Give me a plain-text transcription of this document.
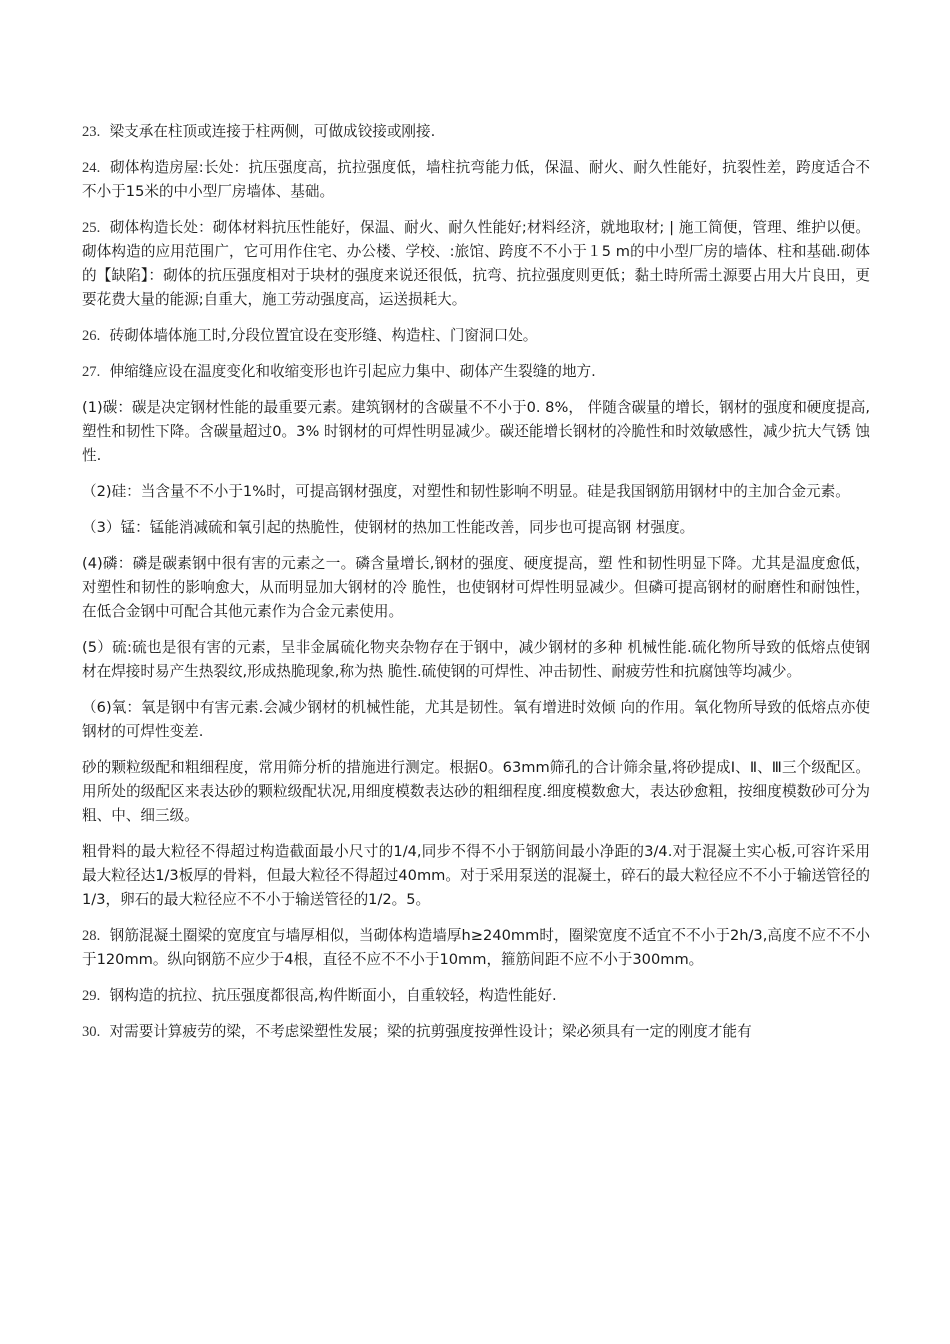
23. 梁支承在柱顶或连接于柱两侧，可做成铰接或刚接.

24. 砌体构造房屋:长处：抗压强度高，抗拉强度低，墙柱抗弯能力低，保温、耐火、耐久性能好，抗裂性差，跨度适合不不小于15米的中小型厂房墙体、基础。

25. 砌体构造长处：砌体材料抗压性能好，保温、耐火、耐久性能好;材料经济，就地取材; | 施工简便，管理、维护以便。砌体构造的应用范围广，它可用作住宅、办公楼、学校、:旅馆、跨度不不小于１5 m的中小型厂房的墙体、柱和基础.砌体的【缺陷】：砌体的抗压强度相对于块材的强度来说还很低，抗弯、抗拉强度则更低；黏土時所需土源要占用大片良田，更要花费大量的能源;自重大，施工劳动强度高，运送损耗大。

26. 砖砌体墙体施工时,分段位置宜设在变形缝、构造柱、门窗洞口处。

27. 伸缩缝应设在温度变化和收缩变形也许引起应力集中、砌体产生裂缝的地方.

(1)碳：碳是决定钢材性能的最重要元素。建筑钢材的含碳量不不小于0. 8%， 伴随含碳量的增长，钢材的强度和硬度提高,塑性和韧性下降。含碳量超过0。3% 时钢材的可焊性明显减少。碳还能增长钢材的冷脆性和时效敏感性，减少抗大气锈 蚀性.

（2)硅：当含量不不小于1%时，可提高钢材强度，对塑性和韧性影响不明显。硅是我国钢筋用钢材中的主加合金元素。

（3）锰：锰能消减硫和氧引起的热脆性，使钢材的热加工性能改善，同步也可提高钢 材强度。

(4)磷：磷是碳素钢中很有害的元素之一。磷含量增长,钢材的强度、硬度提高，塑 性和韧性明显下降。尤其是温度愈低，对塑性和韧性的影响愈大，从而明显加大钢材的冷 脆性，也使钢材可焊性明显减少。但磷可提高钢材的耐磨性和耐蚀性，在低合金钢中可配合其他元素作为合金元素使用。

(5）硫:硫也是很有害的元素，呈非金属硫化物夹杂物存在于钢中，减少钢材的多种 机械性能.硫化物所导致的低熔点使钢材在焊接时易产生热裂纹,形成热脆现象,称为热 脆性.硫使钢的可焊性、冲击韧性、耐疲劳性和抗腐蚀等均减少。

（6)氧：氧是钢中有害元素.会减少钢材的机械性能，尤其是韧性。氧有增进时效倾 向的作用。氧化物所导致的低熔点亦使钢材的可焊性变差.

砂的颗粒级配和粗细程度，常用筛分析的措施进行测定。根据0。63mm筛孔的合计筛余量,将砂提成Ⅰ、Ⅱ、Ⅲ三个级配区。用所处的级配区来表达砂的颗粒级配状况,用细度模数表达砂的粗细程度.细度模数愈大，表达砂愈粗，按细度模数砂可分为粗、中、细三级。

粗骨料的最大粒径不得超过构造截面最小尺寸的1/4,同步不得不小于钢筋间最小净距的3/4.对于混凝土实心板,可容许采用最大粒径达1/3板厚的骨料，但最大粒径不得超过40mm。对于采用泵送的混凝土，碎石的最大粒径应不不小于输送管径的1/3，卵石的最大粒径应不不小于输送管径的1/2。5。

28. 钢筋混凝土圈梁的宽度宜与墙厚相似，当砌体构造墙厚h≥240mm时，圈梁宽度不适宜不不小于2h/3,高度不应不不小于120mm。纵向钢筋不应少于4根，直径不应不不小于10mm，箍筋间距不应不小于300mm。

29. 钢构造的抗拉、抗压强度都很高,构件断面小，自重较轻，构造性能好.

30. 对需要计算疲劳的梁，不考虑梁塑性发展；梁的抗剪强度按弹性设计；梁必须具有一定的刚度才能有
